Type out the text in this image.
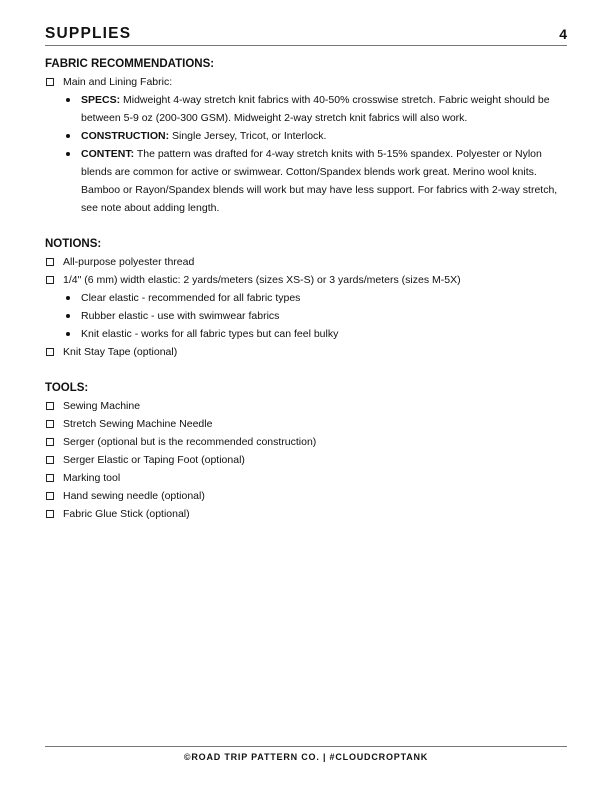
SUPPLIES	4
FABRIC RECOMMENDATIONS:
Main and Lining Fabric:
SPECS: Midweight 4-way stretch knit fabrics with 40-50% crosswise stretch. Fabric weight should be between 5-9 oz (200-300 GSM). Midweight 2-way stretch knit fabrics will also work.
CONSTRUCTION: Single Jersey, Tricot, or Interlock.
CONTENT: The pattern was drafted for 4-way stretch knits with 5-15% spandex. Polyester or Nylon blends are common for active or swimwear. Cotton/Spandex blends work great. Merino wool knits. Bamboo or Rayon/Spandex blends will work but may have less support. For fabrics with 2-way stretch, see note about adding length.
NOTIONS:
All-purpose polyester thread
1/4" (6 mm) width elastic: 2 yards/meters (sizes XS-S) or 3 yards/meters (sizes M-5X)
Clear elastic - recommended for all fabric types
Rubber elastic - use with swimwear fabrics
Knit elastic - works for all fabric types but can feel bulky
Knit Stay Tape (optional)
TOOLS:
Sewing Machine
Stretch Sewing Machine Needle
Serger (optional but is the recommended construction)
Serger Elastic or Taping Foot (optional)
Marking tool
Hand sewing needle (optional)
Fabric Glue Stick (optional)
©ROAD TRIP PATTERN CO. | #CLOUDCROPTANK
